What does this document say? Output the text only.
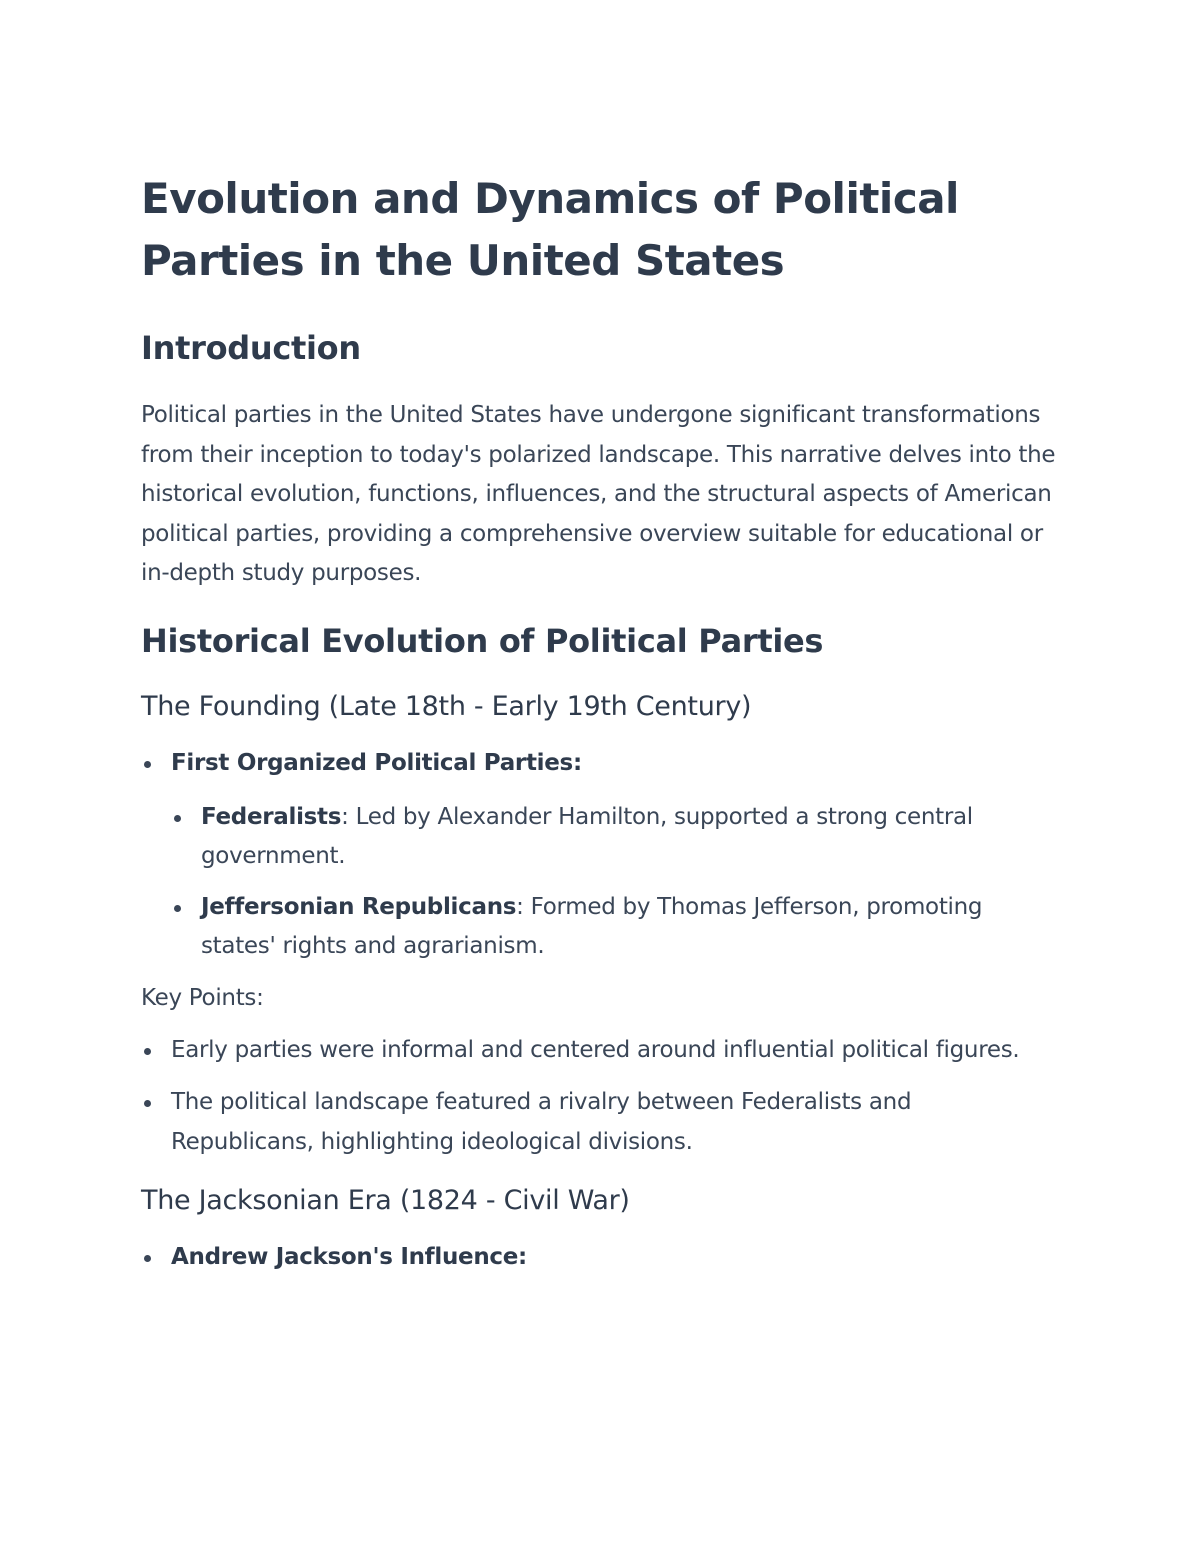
Evolution and Dynamics of Political Parties in the United States
Introduction

Political parties in the United States have undergone significant transformations from their inception to today's polarized landscape. This narrative delves into the historical evolution, functions, influences, and the structural aspects of American political parties, providing a comprehensive overview suitable for educational or in-depth study purposes.

Historical Evolution of Political Parties
The Founding (Late 18th - Early 19th Century)
First Organized Political Parties:
Federalists: Led by Alexander Hamilton, supported a strong central government.
Jeffersonian Republicans: Formed by Thomas Jefferson, promoting states' rights and agrarianism.

Key Points:

Early parties were informal and centered around influential political figures.
The political landscape featured a rivalry between Federalists and Republicans, highlighting ideological divisions.
The Jacksonian Era (1824 - Civil War)
Andrew Jackson's Influence:
